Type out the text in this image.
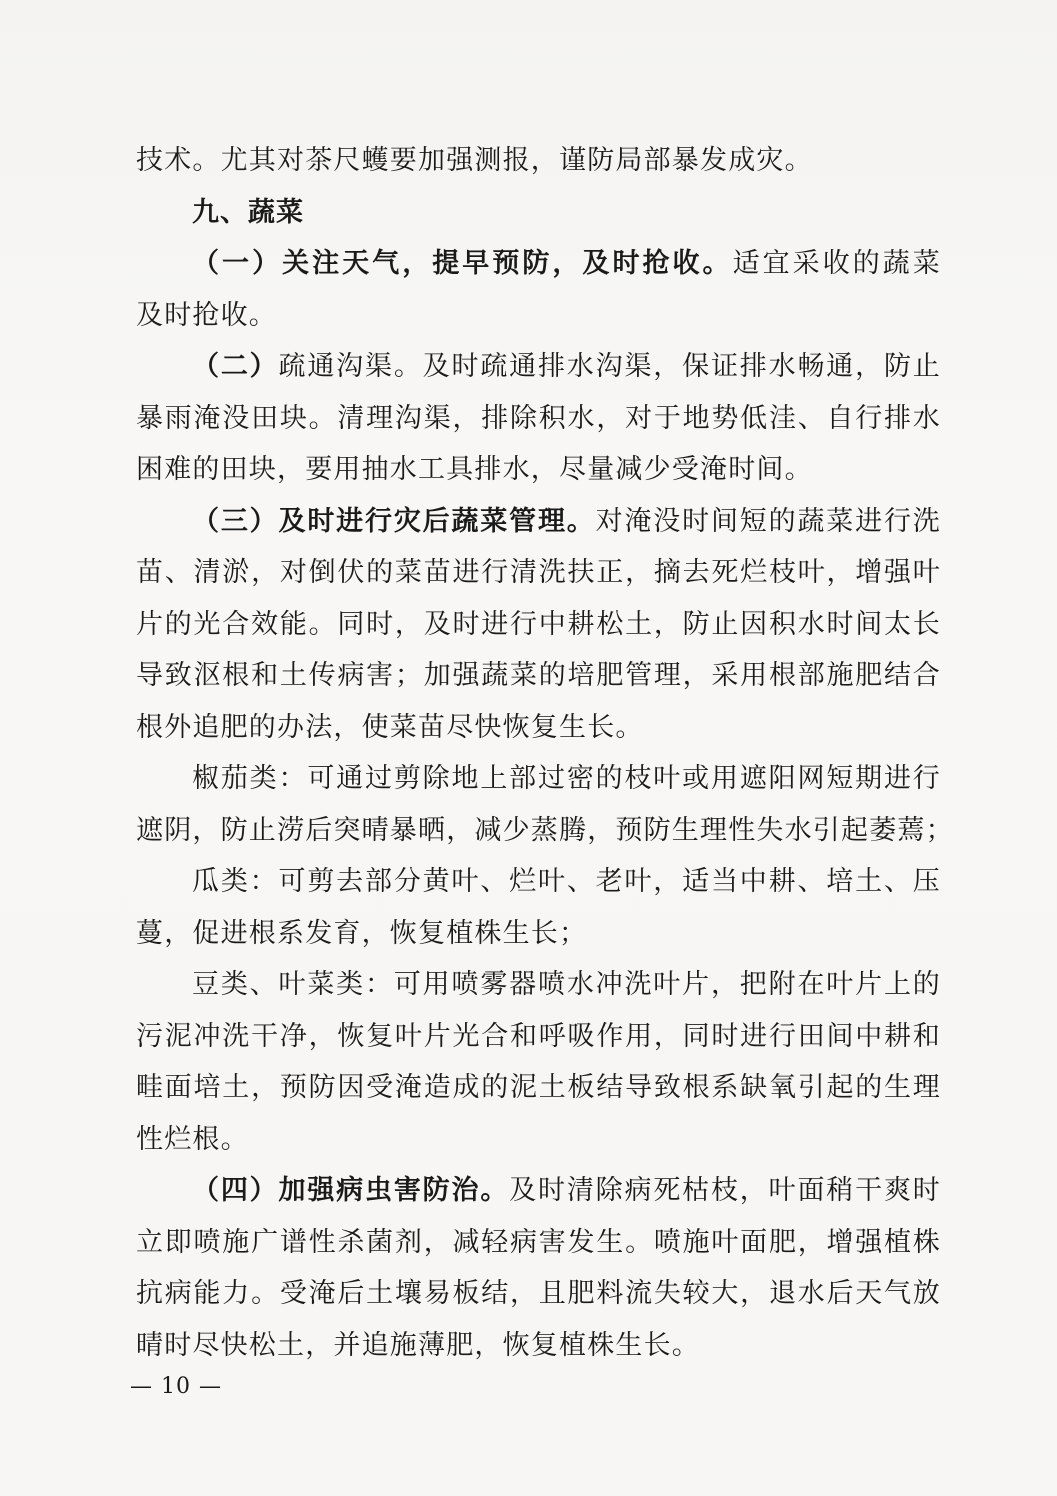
技术。尤其对茶尺蠖要加强测报，谨防局部暴发成灾。
九、蔬菜
（一）关注天气，提早预防，及时抢收。适宜采收的蔬菜
及时抢收。
（二）疏通沟渠。及时疏通排水沟渠，保证排水畅通，防止
暴雨淹没田块。清理沟渠，排除积水，对于地势低洼、自行排水
困难的田块，要用抽水工具排水，尽量减少受淹时间。
（三）及时进行灾后蔬菜管理。对淹没时间短的蔬菜进行洗
苗、清淤，对倒伏的菜苗进行清洗扶正，摘去死烂枝叶，增强叶
片的光合效能。同时，及时进行中耕松土，防止因积水时间太长
导致沤根和土传病害；加强蔬菜的培肥管理，采用根部施肥结合
根外追肥的办法，使菜苗尽快恢复生长。
椒茄类：可通过剪除地上部过密的枝叶或用遮阳网短期进行
遮阴，防止涝后突晴暴晒，减少蒸腾，预防生理性失水引起萎蔫；
瓜类：可剪去部分黄叶、烂叶、老叶，适当中耕、培土、压
蔓，促进根系发育，恢复植株生长；
豆类、叶菜类：可用喷雾器喷水冲洗叶片，把附在叶片上的
污泥冲洗干净，恢复叶片光合和呼吸作用，同时进行田间中耕和
畦面培土，预防因受淹造成的泥土板结导致根系缺氧引起的生理
性烂根。
（四）加强病虫害防治。及时清除病死枯枝，叶面稍干爽时
立即喷施广谱性杀菌剂，减轻病害发生。喷施叶面肥，增强植株
抗病能力。受淹后土壤易板结，且肥料流失较大，退水后天气放
晴时尽快松土，并追施薄肥，恢复植株生长。
— 10 —
